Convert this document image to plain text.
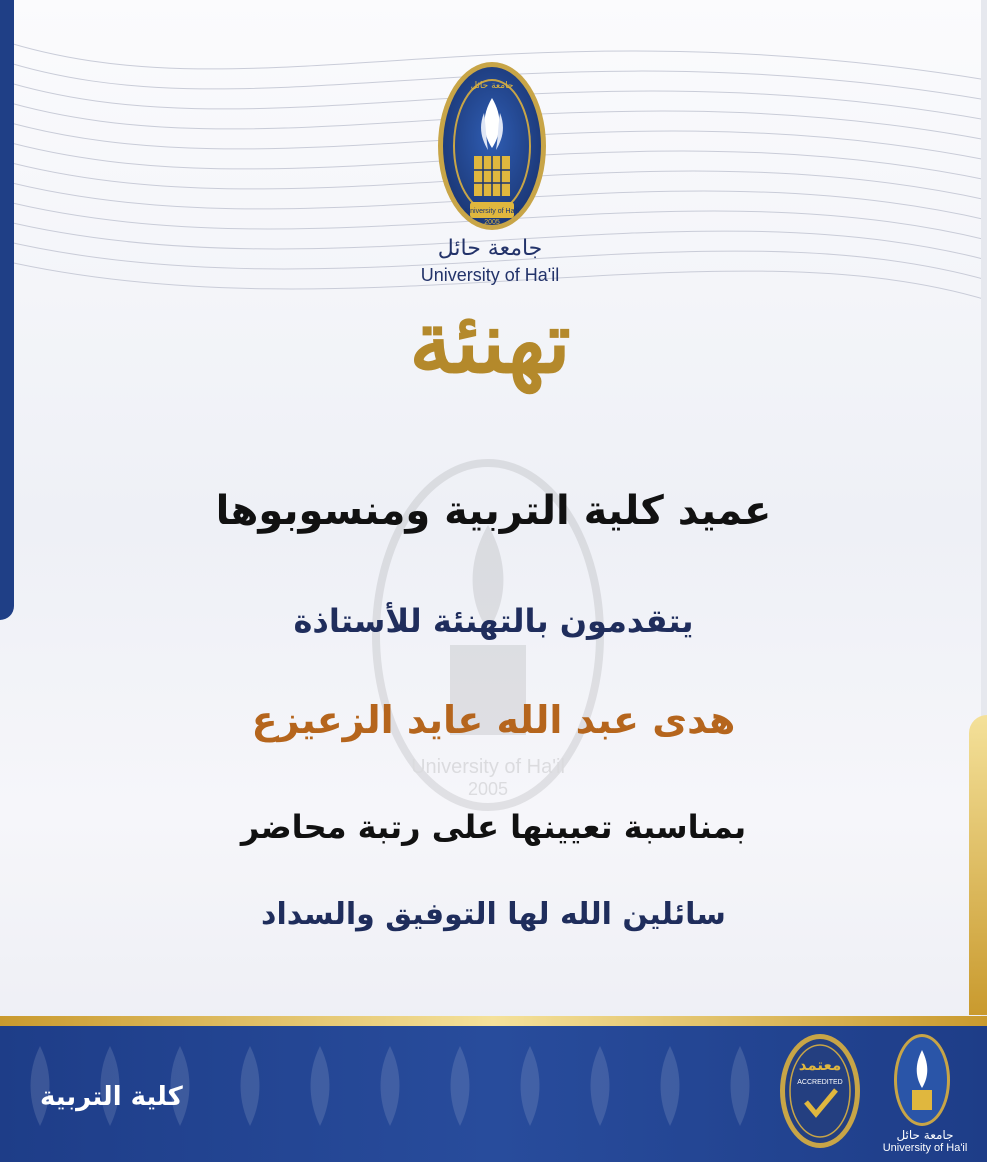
جامعة حائل
University of Ha'il
2005
جامعة حائل
University of Ha'il
تهنئة
University of Ha'il
2005
عميد كلية التربية ومنسوبوها
يتقدمون بالتهنئة للأستاذة
هدى عبد الله عايد الزعيزع
بمناسبة تعيينها على رتبة محاضر
سائلين الله لها التوفيق والسداد
كلية التربية
معتمد
ACCREDITED
جامعة حائل
University of Ha'il
